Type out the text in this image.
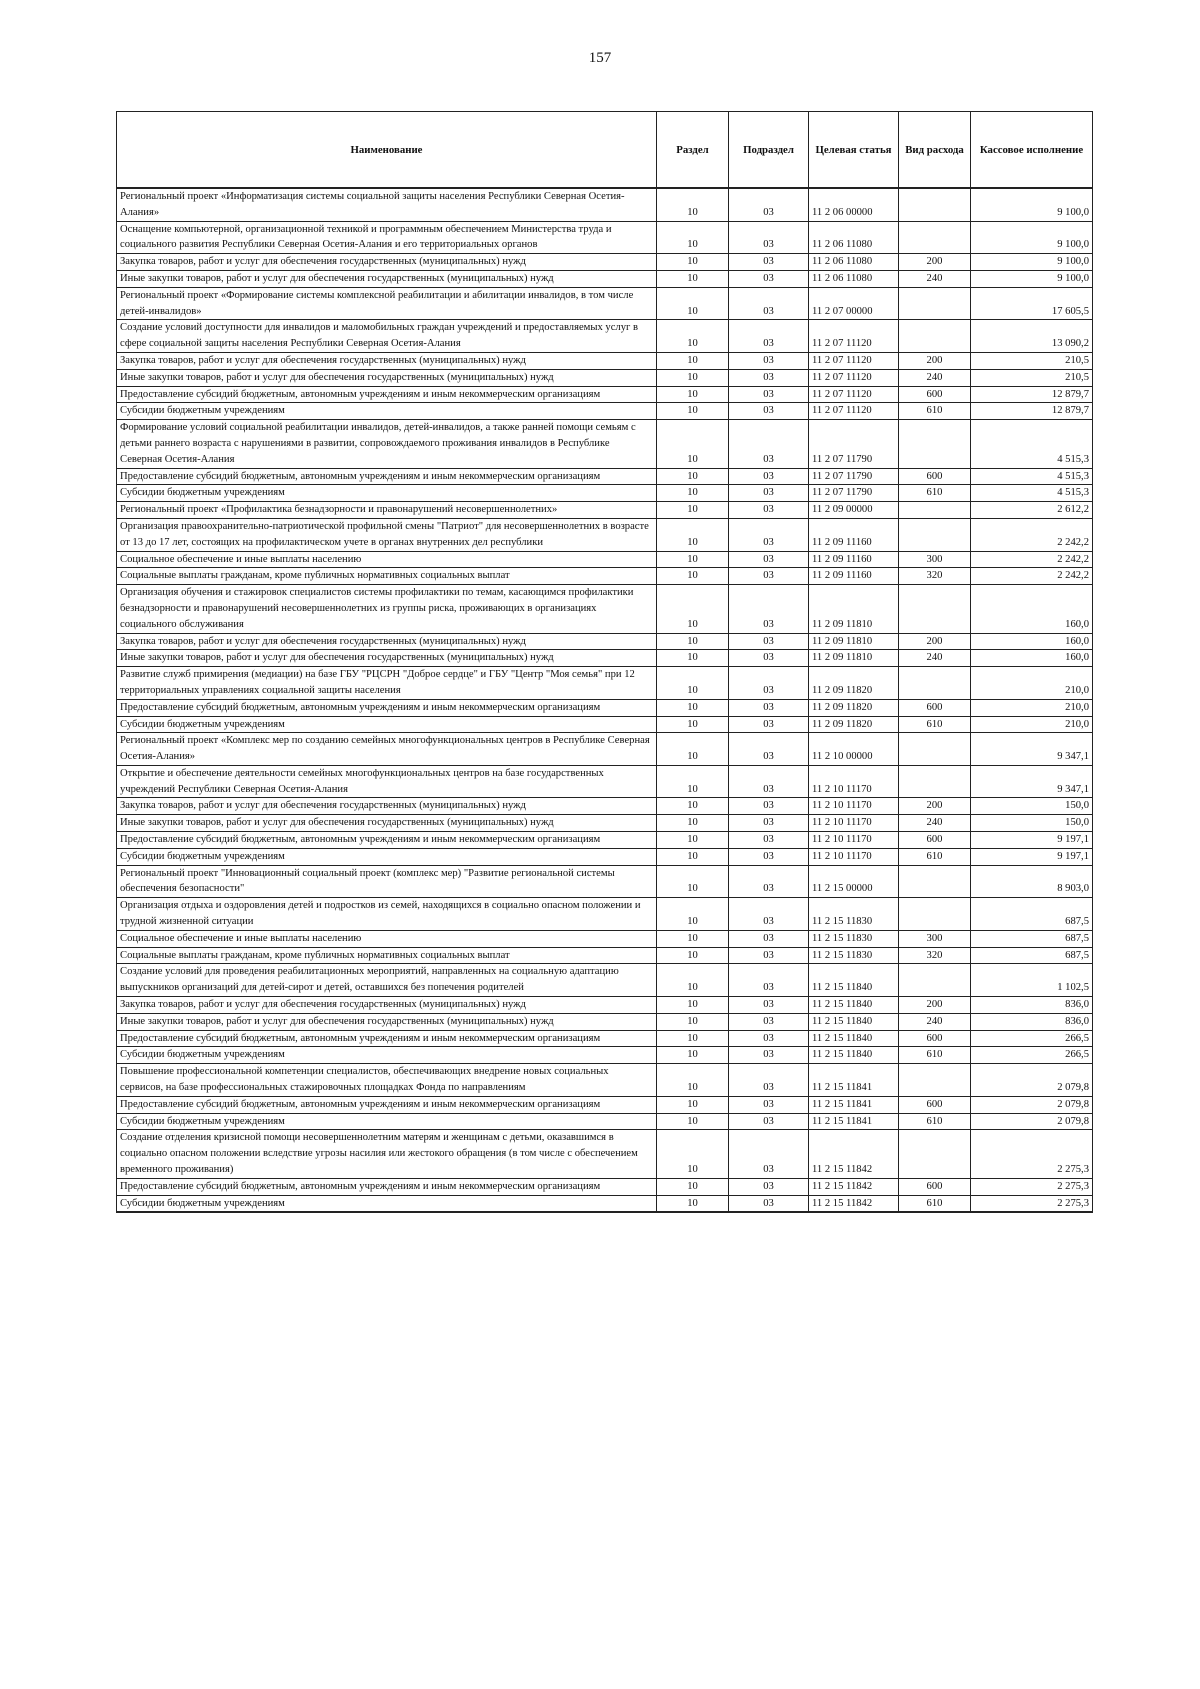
157
Наименование	Раздел	Подраздел	Целевая статья	Вид расхода	Кассовое исполнение
Региональный проект «Информатизация системы социальной защиты населения Республики Северная Осетия-Алания»	10	03	11 2 06 00000		9 100,0
Оснащение компьютерной, организационной техникой и программным обеспечением Министерства труда и социального развития Республики Северная Осетия-Алания и его территориальных органов	10	03	11 2 06 11080		9 100,0
Закупка товаров, работ и услуг для обеспечения государственных (муниципальных) нужд	10	03	11 2 06 11080	200	9 100,0
Иные закупки товаров, работ и услуг для обеспечения государственных (муниципальных) нужд	10	03	11 2 06 11080	240	9 100,0
Региональный проект «Формирование системы комплексной реабилитации и абилитации инвалидов, в том числе детей-инвалидов»	10	03	11 2 07 00000		17 605,5
Создание условий доступности для инвалидов и маломобильных граждан учреждений и предоставляемых услуг в сфере социальной защиты населения Республики Северная Осетия-Алания	10	03	11 2 07 11120		13 090,2
Закупка товаров, работ и услуг для обеспечения государственных (муниципальных) нужд	10	03	11 2 07 11120	200	210,5
Иные закупки товаров, работ и услуг для обеспечения государственных (муниципальных) нужд	10	03	11 2 07 11120	240	210,5
Предоставление субсидий бюджетным, автономным учреждениям и иным некоммерческим организациям	10	03	11 2 07 11120	600	12 879,7
Субсидии бюджетным учреждениям	10	03	11 2 07 11120	610	12 879,7
Формирование условий социальной реабилитации инвалидов, детей-инвалидов, а также ранней помощи семьям с детьми раннего возраста с нарушениями в развитии, сопровождаемого проживания инвалидов в Республике Северная Осетия-Алания	10	03	11 2 07 11790		4 515,3
Предоставление субсидий бюджетным, автономным учреждениям и иным некоммерческим организациям	10	03	11 2 07 11790	600	4 515,3
Субсидии бюджетным учреждениям	10	03	11 2 07 11790	610	4 515,3
Региональный проект «Профилактика безнадзорности и правонарушений несовершеннолетних»	10	03	11 2 09 00000		2 612,2
Организация правоохранительно-патриотической профильной смены "Патриот" для несовершеннолетних в возрасте от 13 до 17 лет, состоящих на профилактическом учете в органах внутренних дел республики	10	03	11 2 09 11160		2 242,2
Социальное обеспечение и иные выплаты населению	10	03	11 2 09 11160	300	2 242,2
Социальные выплаты гражданам, кроме публичных нормативных социальных выплат	10	03	11 2 09 11160	320	2 242,2
Организация обучения и стажировок специалистов системы профилактики по темам, касающимся профилактики безнадзорности и правонарушений несовершеннолетних из группы риска, проживающих в организациях социального обслуживания	10	03	11 2 09 11810		160,0
Закупка товаров, работ и услуг для обеспечения государственных (муниципальных) нужд	10	03	11 2 09 11810	200	160,0
Иные закупки товаров, работ и услуг для обеспечения государственных (муниципальных) нужд	10	03	11 2 09 11810	240	160,0
Развитие служб примирения (медиации) на базе ГБУ "РЦСРН "Доброе сердце" и ГБУ "Центр "Моя семья" при 12 территориальных управлениях социальной защиты населения	10	03	11 2 09 11820		210,0
Предоставление субсидий бюджетным, автономным учреждениям и иным некоммерческим организациям	10	03	11 2 09 11820	600	210,0
Субсидии бюджетным учреждениям	10	03	11 2 09 11820	610	210,0
Региональный проект «Комплекс мер по созданию семейных многофункциональных центров в Республике Северная Осетия-Алания»	10	03	11 2 10 00000		9 347,1
Открытие и обеспечение деятельности семейных многофункциональных центров на базе государственных учреждений Республики Северная Осетия-Алания	10	03	11 2 10 11170		9 347,1
Закупка товаров, работ и услуг для обеспечения государственных (муниципальных) нужд	10	03	11 2 10 11170	200	150,0
Иные закупки товаров, работ и услуг для обеспечения государственных (муниципальных) нужд	10	03	11 2 10 11170	240	150,0
Предоставление субсидий бюджетным, автономным учреждениям и иным некоммерческим организациям	10	03	11 2 10 11170	600	9 197,1
Субсидии бюджетным учреждениям	10	03	11 2 10 11170	610	9 197,1
Региональный проект "Инновационный социальный проект (комплекс мер) "Развитие региональной системы обеспечения безопасности"	10	03	11 2 15 00000		8 903,0
Организация отдыха и оздоровления детей и подростков из семей, находящихся в социально опасном положении и трудной жизненной ситуации	10	03	11 2 15 11830		687,5
Социальное обеспечение и иные выплаты населению	10	03	11 2 15 11830	300	687,5
Социальные выплаты гражданам, кроме публичных нормативных социальных выплат	10	03	11 2 15 11830	320	687,5
Создание условий для проведения реабилитационных мероприятий, направленных на социальную адаптацию выпускников организаций для детей-сирот и детей, оставшихся без попечения родителей	10	03	11 2 15 11840		1 102,5
Закупка товаров, работ и услуг для обеспечения государственных (муниципальных) нужд	10	03	11 2 15 11840	200	836,0
Иные закупки товаров, работ и услуг для обеспечения государственных (муниципальных) нужд	10	03	11 2 15 11840	240	836,0
Предоставление субсидий бюджетным, автономным учреждениям и иным некоммерческим организациям	10	03	11 2 15 11840	600	266,5
Субсидии бюджетным учреждениям	10	03	11 2 15 11840	610	266,5
Повышение профессиональной компетенции специалистов, обеспечивающих внедрение новых социальных сервисов, на базе профессиональных стажировочных площадках Фонда по направлениям	10	03	11 2 15 11841		2 079,8
Предоставление субсидий бюджетным, автономным учреждениям и иным некоммерческим организациям	10	03	11 2 15 11841	600	2 079,8
Субсидии бюджетным учреждениям	10	03	11 2 15 11841	610	2 079,8
Создание отделения кризисной помощи несовершеннолетним матерям и женщинам с детьми, оказавшимся в социально опасном положении вследствие угрозы насилия или жестокого обращения (в том числе с обеспечением временного проживания)	10	03	11 2 15 11842		2 275,3
Предоставление субсидий бюджетным, автономным учреждениям и иным некоммерческим организациям	10	03	11 2 15 11842	600	2 275,3
Субсидии бюджетным учреждениям	10	03	11 2 15 11842	610	2 275,3
